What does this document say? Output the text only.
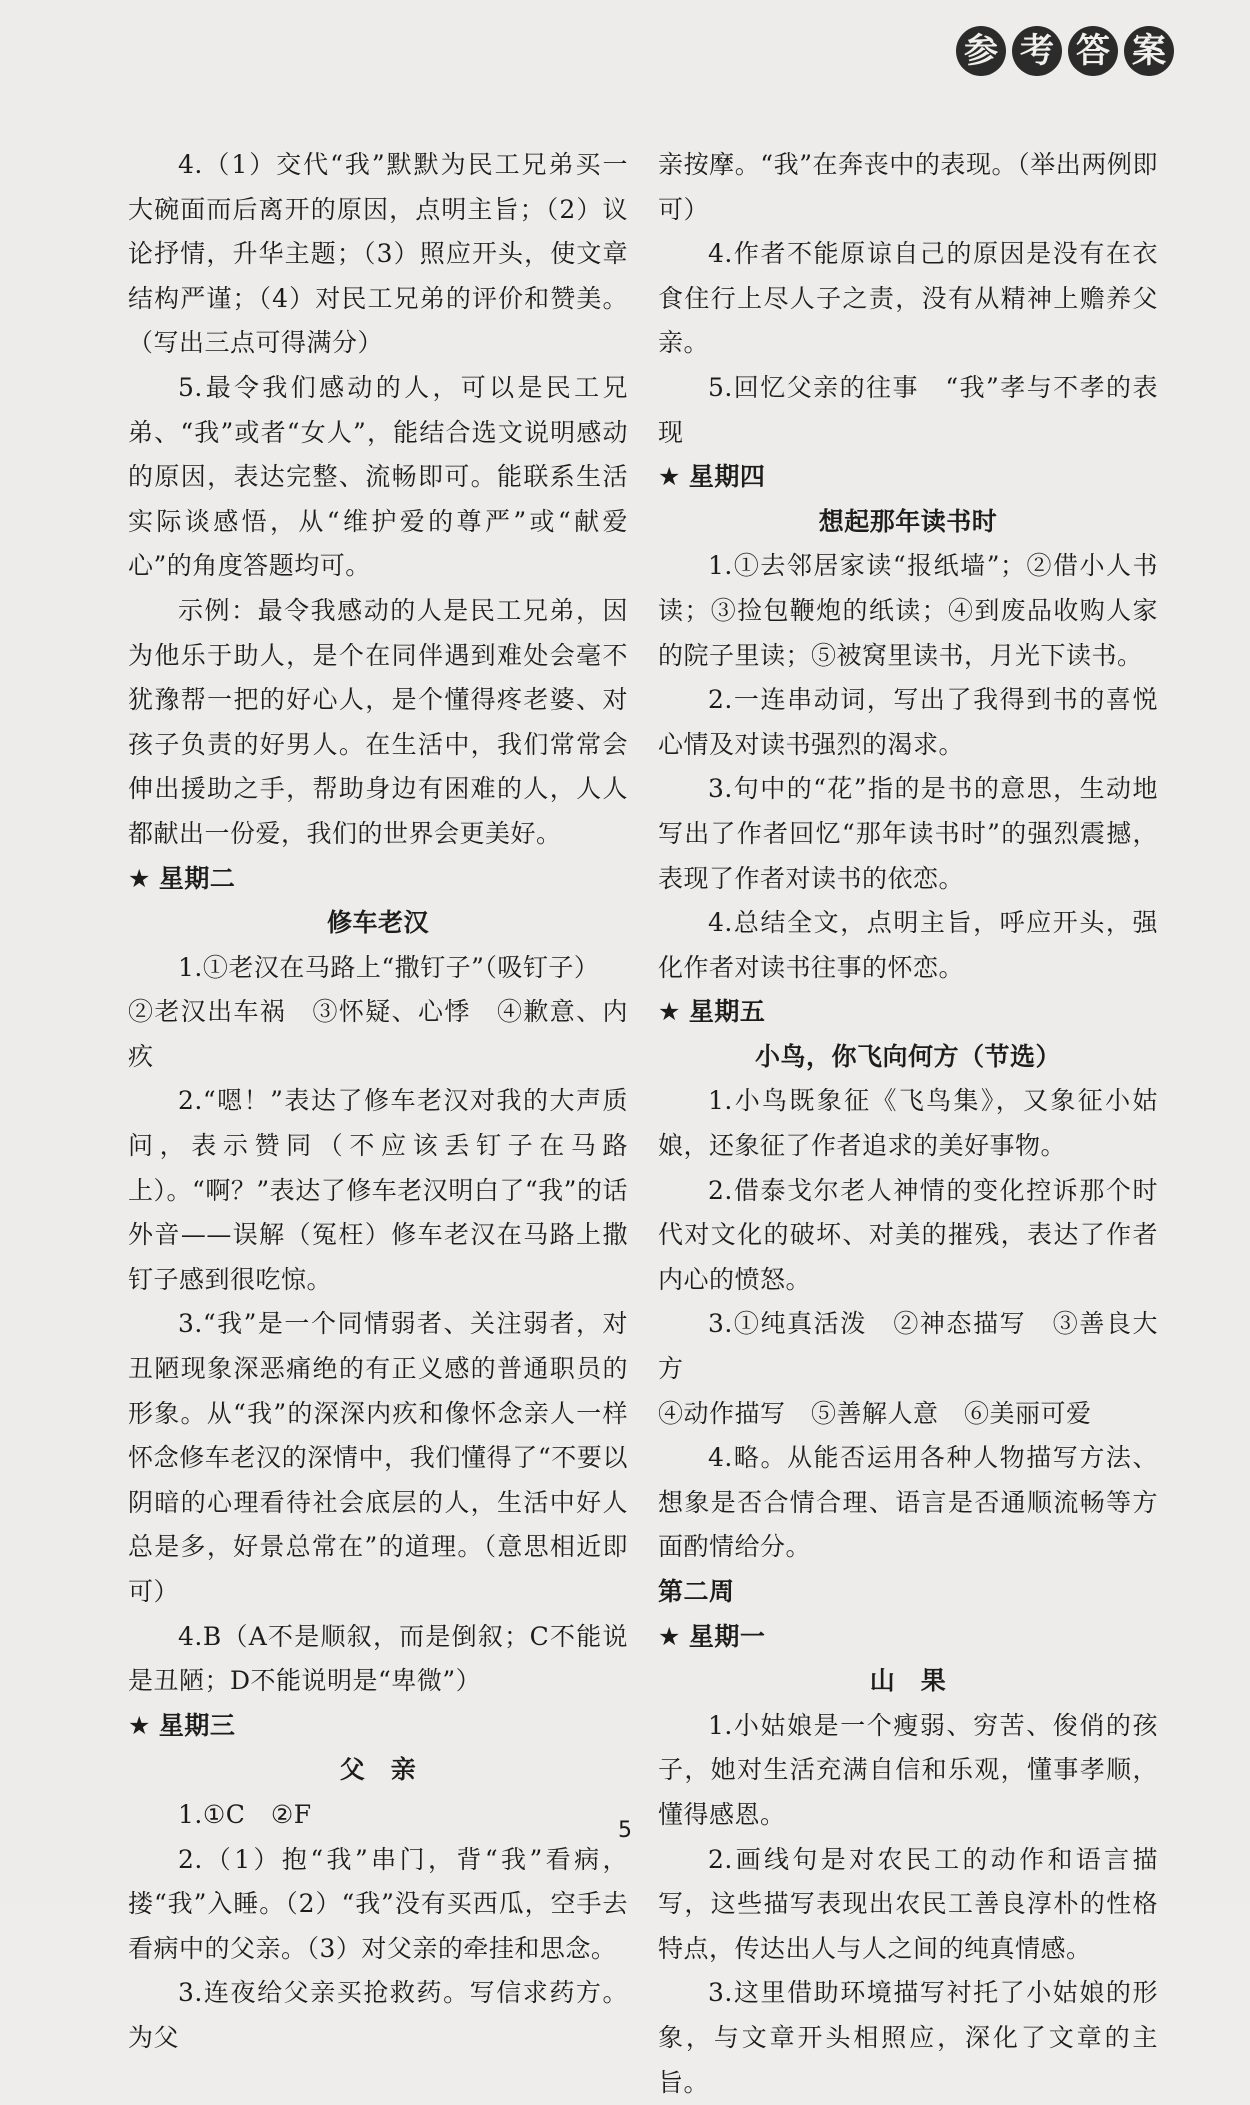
参 考 答 案

4.（1）交代“我”默默为民工兄弟买一大碗面而后离开的原因，点明主旨；（2）议论抒情，升华主题；（3）照应开头，使文章结构严谨；（4）对民工兄弟的评价和赞美。（写出三点可得满分）

5.最令我们感动的人，可以是民工兄弟、“我”或者“女人”，能结合选文说明感动的原因，表达完整、流畅即可。能联系生活实际谈感悟，从“维护爱的尊严”或“献爱心”的角度答题均可。

示例：最令我感动的人是民工兄弟，因为他乐于助人，是个在同伴遇到难处会毫不犹豫帮一把的好心人，是个懂得疼老婆、对孩子负责的好男人。在生活中，我们常常会伸出援助之手，帮助身边有困难的人，人人都献出一份爱，我们的世界会更美好。

★ 星期二

修车老汉

1.①老汉在马路上“撒钉子”（吸钉子）

②老汉出车祸　③怀疑、心悸　④歉意、内疚

2.“嗯！”表达了修车老汉对我的大声质问，表示赞同（不应该丢钉子在马路上）。“啊？”表达了修车老汉明白了“我”的话外音——误解（冤枉）修车老汉在马路上撒钉子感到很吃惊。

3.“我”是一个同情弱者、关注弱者，对丑陋现象深恶痛绝的有正义感的普通职员的形象。从“我”的深深内疚和像怀念亲人一样怀念修车老汉的深情中，我们懂得了“不要以阴暗的心理看待社会底层的人，生活中好人总是多，好景总常在”的道理。（意思相近即可）

4.B（A不是顺叙，而是倒叙；C不能说是丑陋；D不能说明是“卑微”）

★ 星期三

父　亲

1.①C　②F

2.（1）抱“我”串门，背“我”看病，搂“我”入睡。（2）“我”没有买西瓜，空手去看病中的父亲。（3）对父亲的牵挂和思念。

3.连夜给父亲买抢救药。写信求药方。为父

亲按摩。“我”在奔丧中的表现。（举出两例即可）

4.作者不能原谅自己的原因是没有在衣食住行上尽人子之责，没有从精神上赡养父亲。

5.回忆父亲的往事　“我”孝与不孝的表现

★ 星期四

想起那年读书时

1.①去邻居家读“报纸墙”；②借小人书读；③捡包鞭炮的纸读；④到废品收购人家的院子里读；⑤被窝里读书，月光下读书。

2.一连串动词，写出了我得到书的喜悦心情及对读书强烈的渴求。

3.句中的“花”指的是书的意思，生动地写出了作者回忆“那年读书时”的强烈震撼，表现了作者对读书的依恋。

4.总结全文，点明主旨，呼应开头，强化作者对读书往事的怀恋。

★ 星期五

小鸟，你飞向何方（节选）

1.小鸟既象征《飞鸟集》，又象征小姑娘，还象征了作者追求的美好事物。

2.借泰戈尔老人神情的变化控诉那个时代对文化的破坏、对美的摧残，表达了作者内心的愤怒。

3.①纯真活泼　②神态描写　③善良大方

④动作描写　⑤善解人意　⑥美丽可爱

4.略。从能否运用各种人物描写方法、想象是否合情合理、语言是否通顺流畅等方面酌情给分。

第二周

★ 星期一

山　果

1.小姑娘是一个瘦弱、穷苦、俊俏的孩子，她对生活充满自信和乐观，懂事孝顺，懂得感恩。

2.画线句是对农民工的动作和语言描写，这些描写表现出农民工善良淳朴的性格特点，传达出人与人之间的纯真情感。

3.这里借助环境描写衬托了小姑娘的形象，与文章开头相照应，深化了文章的主旨。

5
